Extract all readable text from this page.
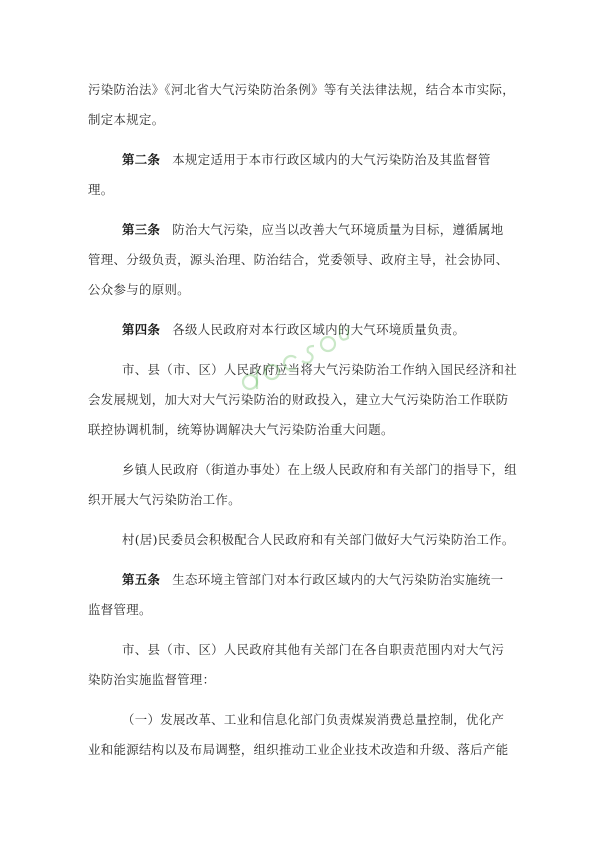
污染防治法》《河北省大气污染防治条例》等有关法律法规，结合本市实际，
制定本规定。
第二条 本规定适用于本市行政区域内的大气污染防治及其监督管
理。
第三条 防治大气污染，应当以改善大气环境质量为目标，遵循属地
管理、分级负责，源头治理、防治结合，党委领导、政府主导，社会协同、
公众参与的原则。
第四条 各级人民政府对本行政区域内的大气环境质量负责。
市、县（市、区）人民政府应当将大气污染防治工作纳入国民经济和社
会发展规划，加大对大气污染防治的财政投入，建立大气污染防治工作联防
联控协调机制，统筹协调解决大气污染防治重大问题。
乡镇人民政府（街道办事处）在上级人民政府和有关部门的指导下，组
织开展大气污染防治工作。
村(居)民委员会积极配合人民政府和有关部门做好大气污染防治工作。
第五条 生态环境主管部门对本行政区域内的大气污染防治实施统一
监督管理。
市、县（市、区）人民政府其他有关部门在各自职责范围内对大气污
染防治实施监督管理：
（一）发展改革、工业和信息化部门负责煤炭消费总量控制，优化产
业和能源结构以及布局调整，组织推动工业企业技术改造和升级、落后产能
